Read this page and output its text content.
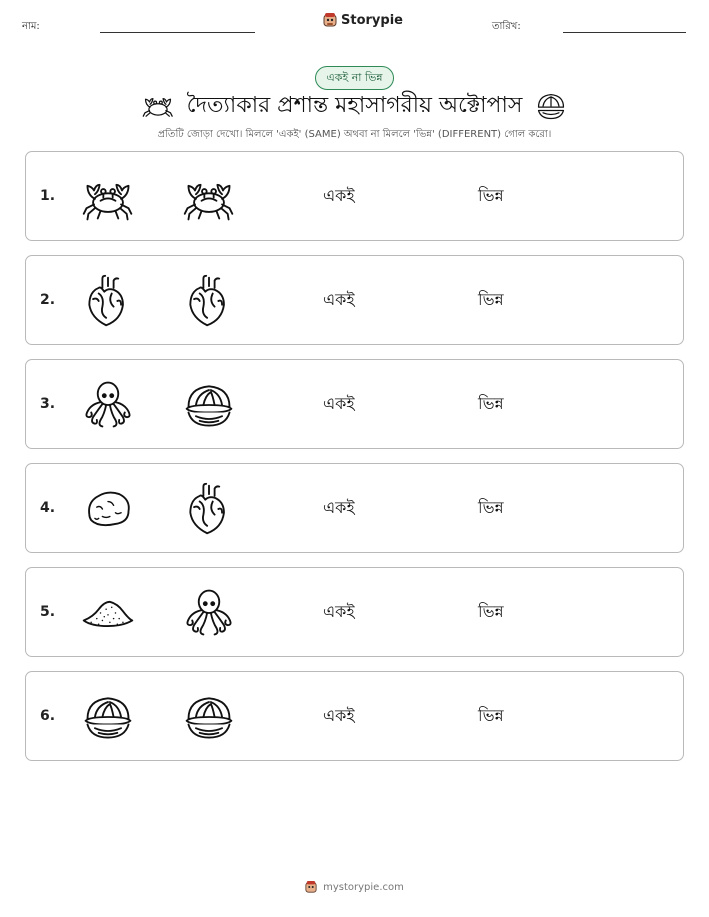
নাম:	Storypie	তারিখ:
একই না ভিন্ন
দৈত্যাকার প্রশান্ত মহাসাগরীয় অক্টোপাস
প্রতিটি জোড়া দেখো। মিললে 'একই' (SAME) অথবা না মিললে 'ভিন্ন' (DIFFERENT) গোল করো।
1.	একই	ভিন্ন
2.	একই	ভিন্ন
3.	একই	ভিন্ন
4.	একই	ভিন্ন
5.	একই	ভিন্ন
6.	একই	ভিন্ন
mystorypie.com
